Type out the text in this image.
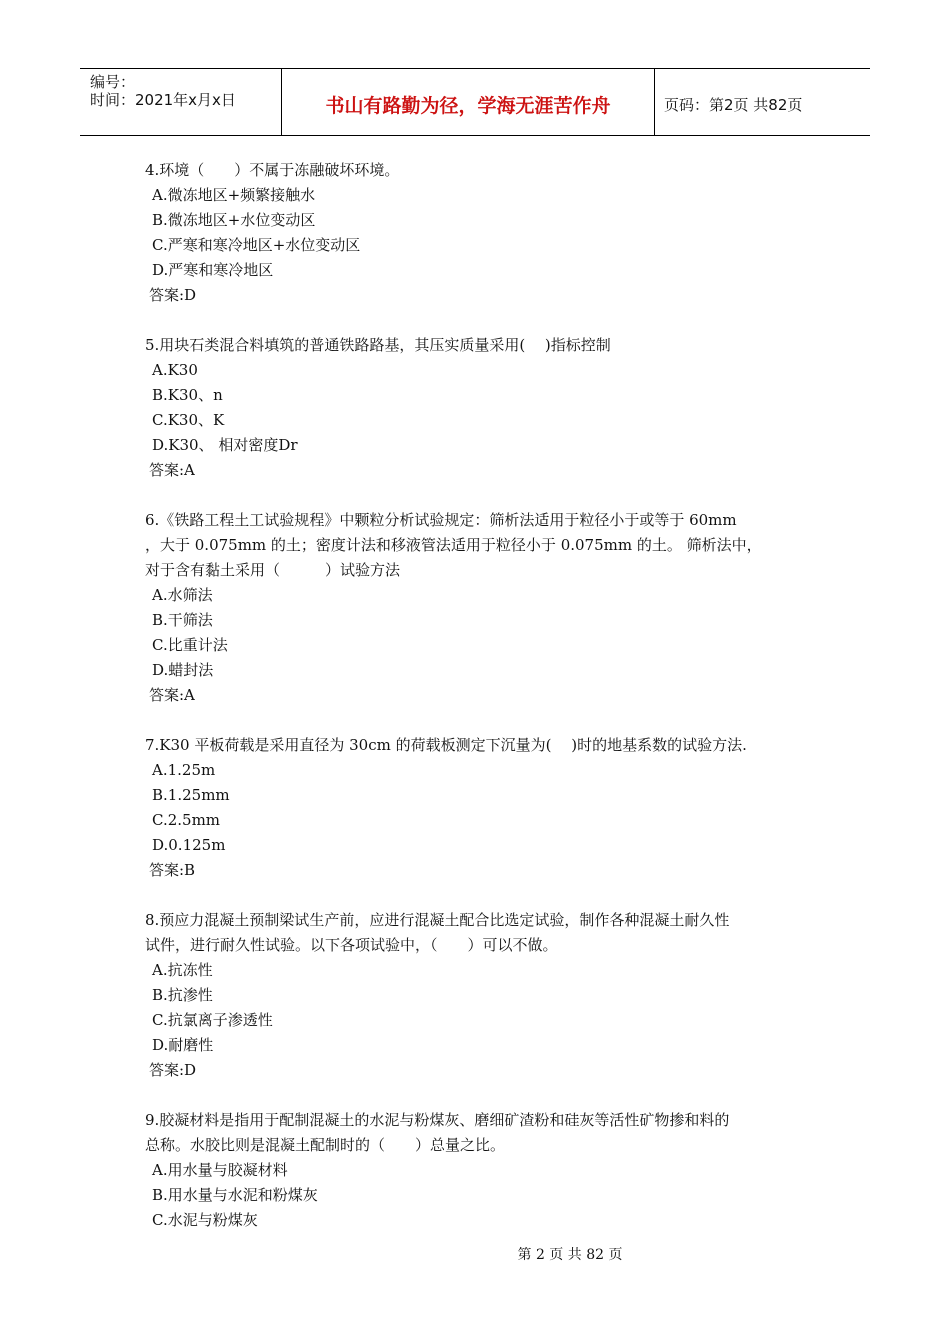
编号：
时间：2021年x月x日	书山有路勤为径，学海无涯苦作舟	页码：第2页 共82页

4.环境（　　）不属于冻融破坏环境。

A.微冻地区+频繁接触水

B.微冻地区+水位变动区

C.严寒和寒冷地区+水位变动区

D.严寒和寒冷地区

答案:D

5.用块石类混合料填筑的普通铁路路基，其压实质量采用(　 )指标控制

A.K30

B.K30、n

C.K30、K

D.K30、 相对密度Dr

答案:A

6.《铁路工程土工试验规程》中颗粒分析试验规定：筛析法适用于粒径小于或等于 60mm

，大于 0.075mm 的土；密度计法和移液管法适用于粒径小于 0.075mm 的土。 筛析法中，

对于含有黏土采用（　　　）试验方法

A.水筛法

B.干筛法

C.比重计法

D.蜡封法

答案:A

7.K30 平板荷载是采用直径为 30cm 的荷载板测定下沉量为(　 )时的地基系数的试验方法.

A.1.25m

B.1.25mm

C.2.5mm

D.0.125m

答案:B

8.预应力混凝土预制梁试生产前，应进行混凝土配合比选定试验，制作各种混凝土耐久性

试件，进行耐久性试验。以下各项试验中，（　　）可以不做。

A.抗冻性

B.抗渗性

C.抗氯离子渗透性

D.耐磨性

答案:D

9.胶凝材料是指用于配制混凝土的水泥与粉煤灰、磨细矿渣粉和硅灰等活性矿物掺和料的

总称。水胶比则是混凝土配制时的（　　）总量之比。

A.用水量与胶凝材料

B.用水量与水泥和粉煤灰

C.水泥与粉煤灰

第 2 页 共 82 页
